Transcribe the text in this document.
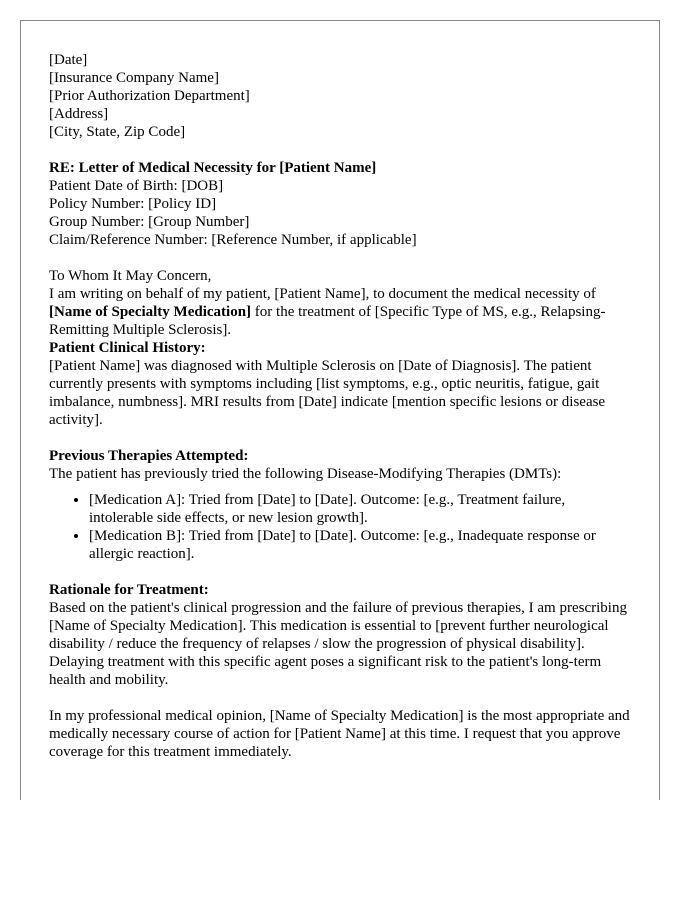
[Date]
[Insurance Company Name]
[Prior Authorization Department]
[Address]
[City, State, Zip Code]
RE: Letter of Medical Necessity for [Patient Name]
Patient Date of Birth: [DOB]
Policy Number: [Policy ID]
Group Number: [Group Number]
Claim/Reference Number: [Reference Number, if applicable]

To Whom It May Concern,

I am writing on behalf of my patient, [Patient Name], to document the medical necessity of [Name of Specialty Medication] for the treatment of [Specific Type of MS, e.g., Relapsing-Remitting Multiple Sclerosis].

Patient Clinical History:
[Patient Name] was diagnosed with Multiple Sclerosis on [Date of Diagnosis]. The patient currently presents with symptoms including [list symptoms, e.g., optic neuritis, fatigue, gait imbalance, numbness]. MRI results from [Date] indicate [mention specific lesions or disease activity].
Previous Therapies Attempted:
The patient has previously tried the following Disease-Modifying Therapies (DMTs):
• [Medication A]: Tried from [Date] to [Date]. Outcome: [e.g., Treatment failure, intolerable side effects, or new lesion growth].
• [Medication B]: Tried from [Date] to [Date]. Outcome: [e.g., Inadequate response or allergic reaction].
Rationale for Treatment:
Based on the patient's clinical progression and the failure of previous therapies, I am prescribing [Name of Specialty Medication]. This medication is essential to [prevent further neurological disability / reduce the frequency of relapses / slow the progression of physical disability]. Delaying treatment with this specific agent poses a significant risk to the patient's long-term health and mobility.

In my professional medical opinion, [Name of Specialty Medication] is the most appropriate and medically necessary course of action for [Patient Name] at this time. I request that you approve coverage for this treatment immediately.
